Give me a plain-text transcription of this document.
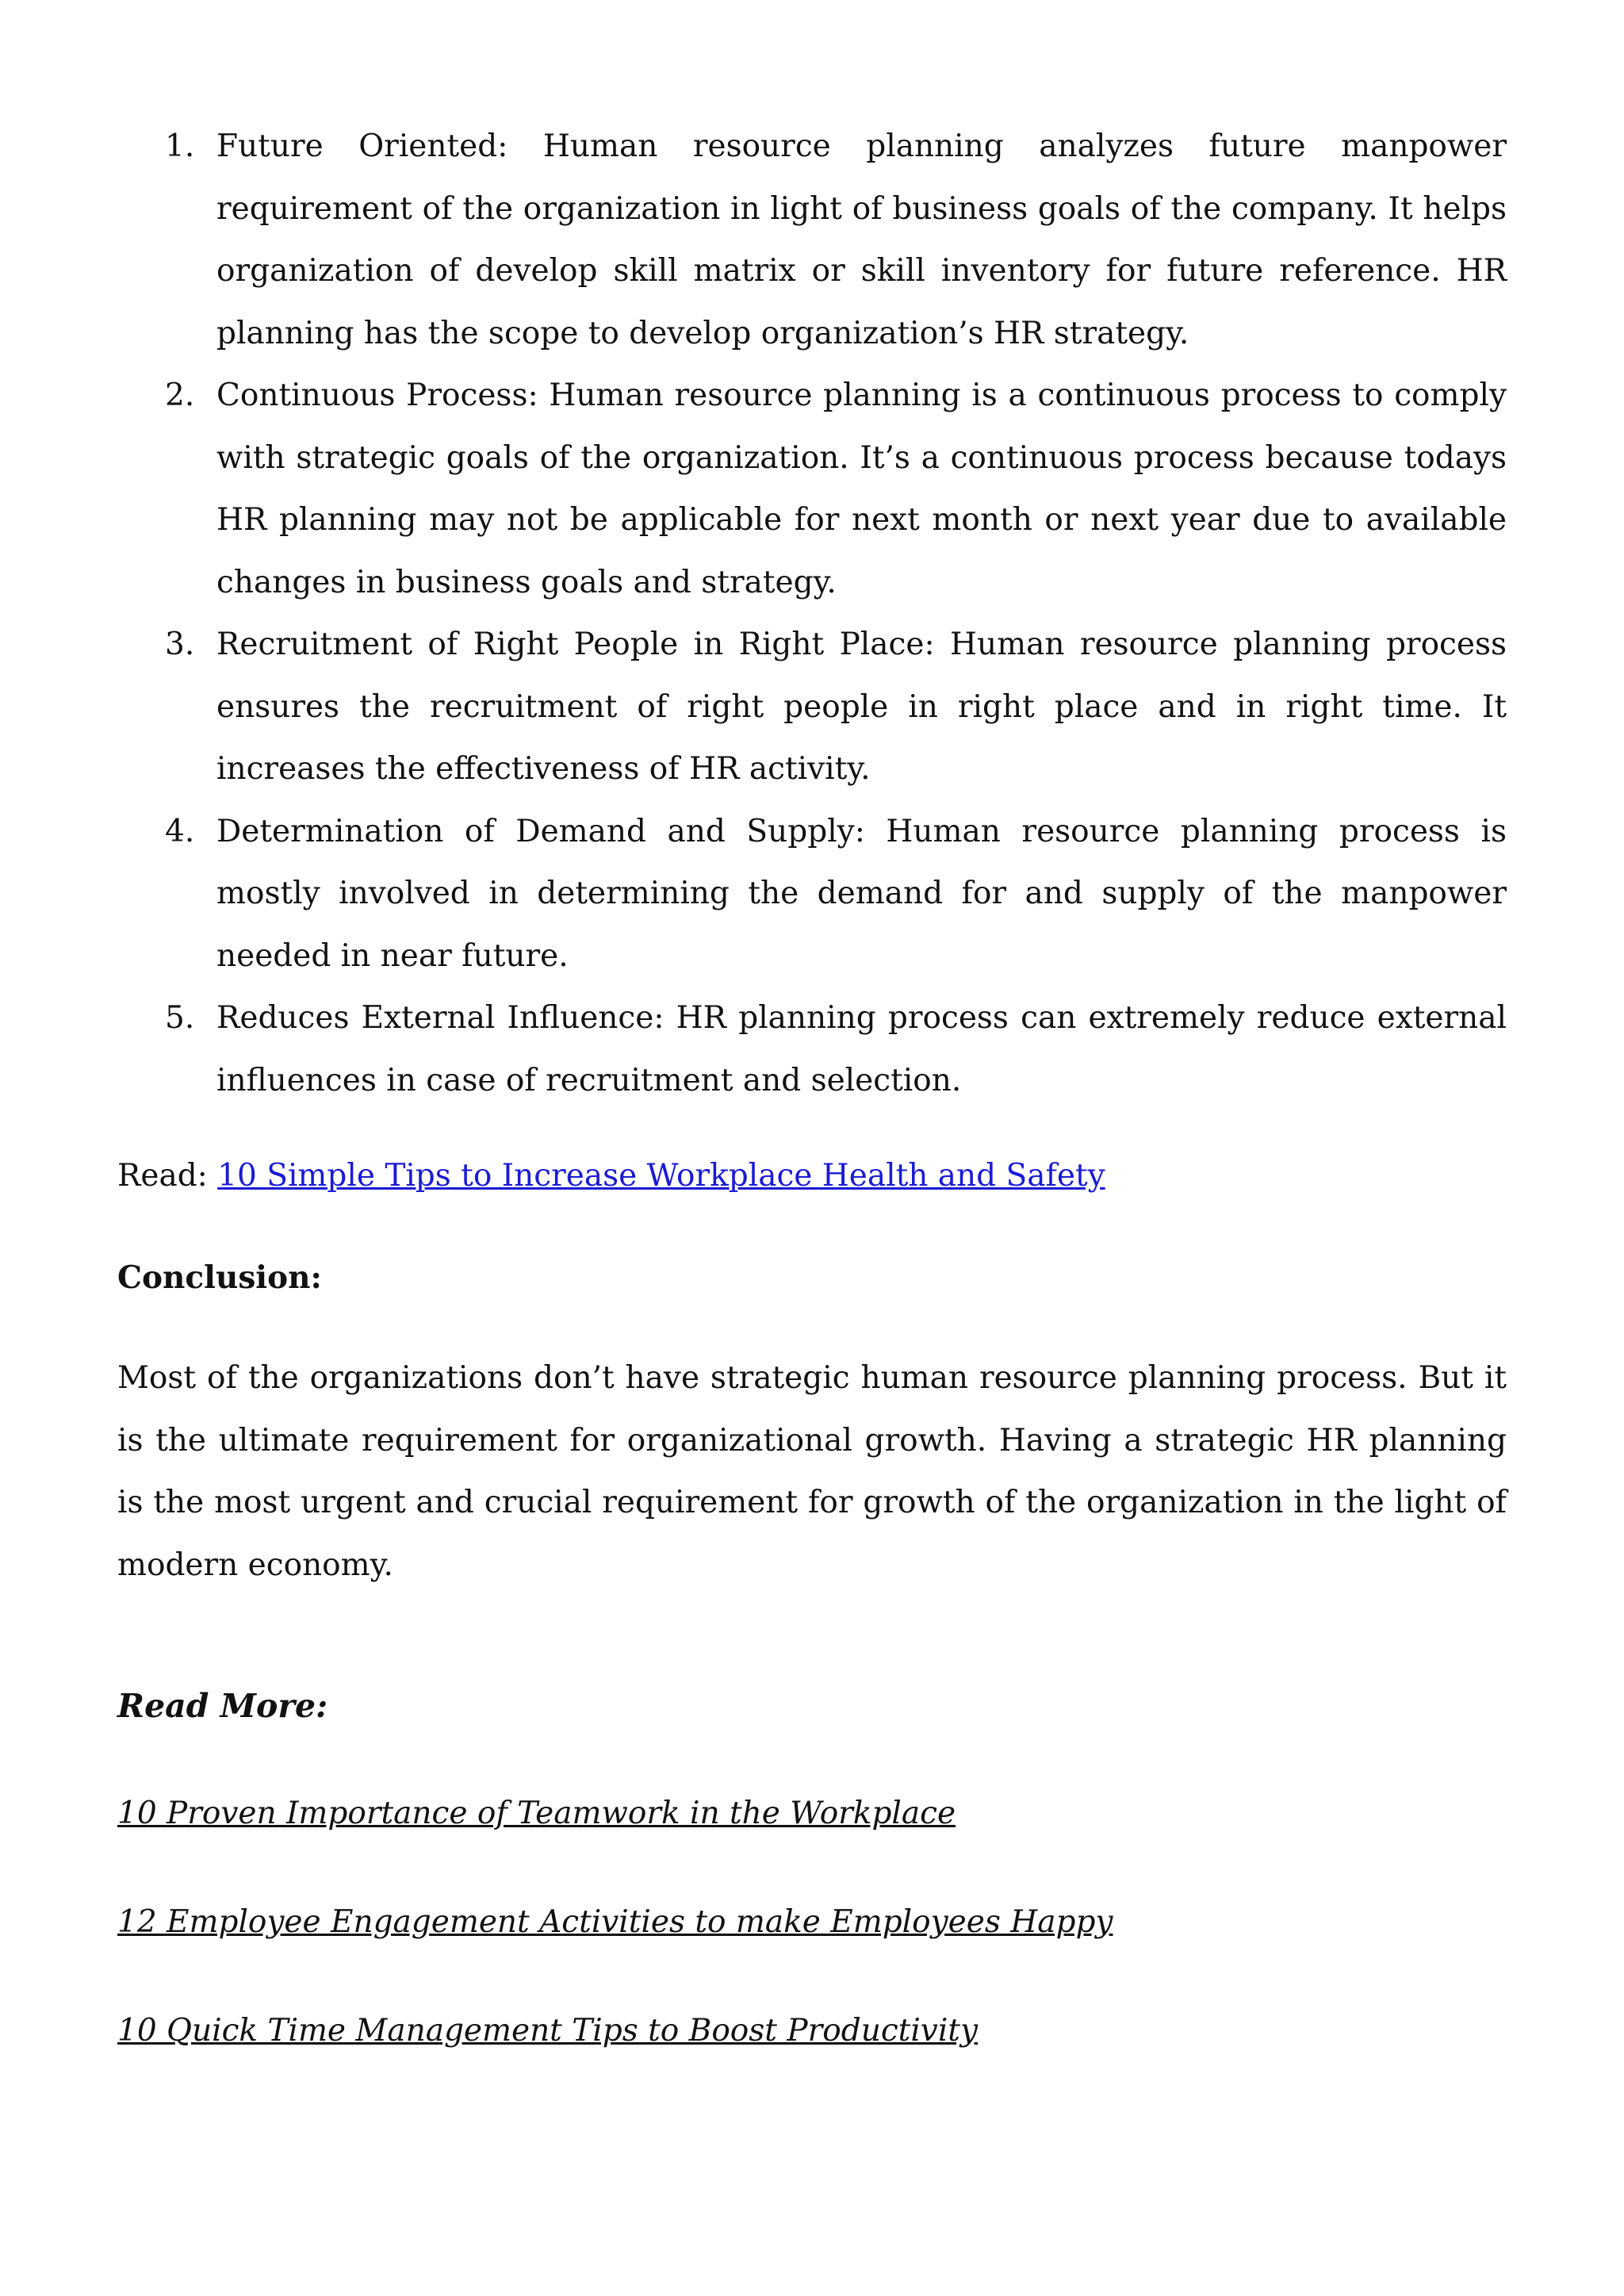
1. Future Oriented: Human resource planning analyzes future manpower requirement of the organization in light of business goals of the company. It helps organization of develop skill matrix or skill inventory for future reference. HR planning has the scope to develop organization’s HR strategy.
2. Continuous Process: Human resource planning is a continuous process to comply with strategic goals of the organization. It’s a continuous process because todays HR planning may not be applicable for next month or next year due to available changes in business goals and strategy.
3. Recruitment of Right People in Right Place: Human resource planning process ensures the recruitment of right people in right place and in right time. It increases the effectiveness of HR activity.
4. Determination of Demand and Supply: Human resource planning process is mostly involved in determining the demand for and supply of the manpower needed in near future.
5. Reduces External Influence: HR planning process can extremely reduce external influences in case of recruitment and selection.

Read: 10 Simple Tips to Increase Workplace Health and Safety

Conclusion:

Most of the organizations don’t have strategic human resource planning process. But it is the ultimate requirement for organizational growth. Having a strategic HR planning is the most urgent and crucial requirement for growth of the organization in the light of modern economy.

Read More:
10 Proven Importance of Teamwork in the Workplace
12 Employee Engagement Activities to make Employees Happy
10 Quick Time Management Tips to Boost Productivity
